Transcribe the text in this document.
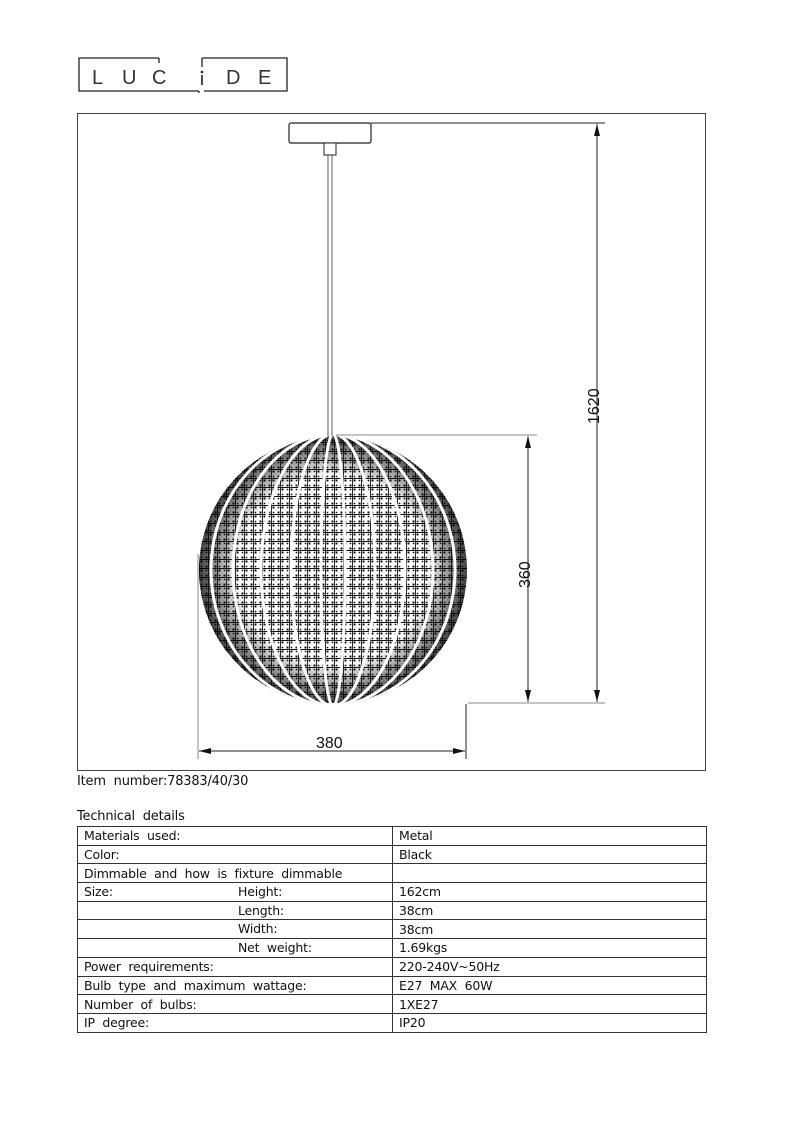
L U C	D E
1620
360
380
Item  number:78383/40/30
Technical  details
Materials  used:	Metal
Color:	Black
Dimmable  and  how  is  fixture  dimmable	
Size: Height:	162cm

Length:	38cm

Width:	38cm

Net  weight:	1.69kgs
Power  requirements:	220-240V~50Hz
Bulb  type  and  maximum  wattage:	E27  MAX  60W
Number  of  bulbs:	1XE27
IP  degree:	IP20
